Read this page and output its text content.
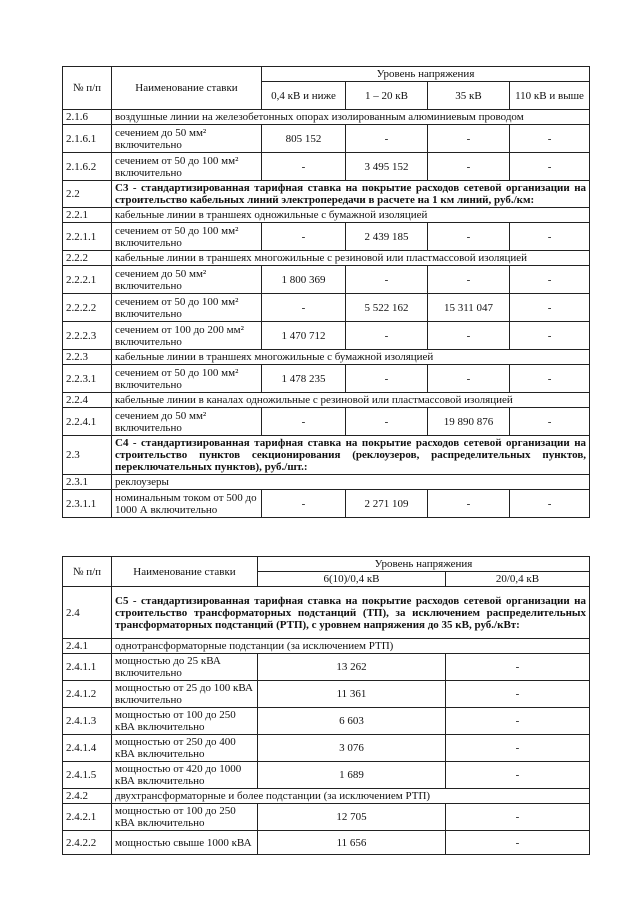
№ п/п	Наименование ставки	Уровень напряжения			
		0,4 кВ и ниже	1 – 20 кВ	35 кВ	110 кВ и выше
2.1.6	воздушные линии на железобетонных опорах изолированным алюминиевым проводом				
2.1.6.1	сечением до 50 мм² включительно	805 152	-	-	-
2.1.6.2	сечением от 50 до 100 мм² включительно	-	3 495 152	-	-
2.2	С3 - стандартизированная тарифная ставка на покрытие расходов сетевой организации на строительство кабельных линий электропередачи в расчете на 1 км линий, руб./км:				
2.2.1	кабельные линии в траншеях одножильные с бумажной изоляцией				
2.2.1.1	сечением от 50 до 100 мм² включительно	-	2 439 185	-	-
2.2.2	кабельные линии в траншеях многожильные с резиновой или пластмассовой изоляцией				
2.2.2.1	сечением до 50 мм² включительно	1 800 369	-	-	-
2.2.2.2	сечением от 50 до 100 мм² включительно	-	5 522 162	15 311 047	-
2.2.2.3	сечением от 100 до 200 мм² включительно	1 470 712	-	-	-
2.2.3	кабельные линии в траншеях многожильные с бумажной изоляцией				
2.2.3.1	сечением от 50 до 100 мм² включительно	1 478 235	-	-	-
2.2.4	кабельные линии в каналах одножильные с резиновой или пластмассовой изоляцией				
2.2.4.1	сечением до 50 мм² включительно	-	-	19 890 876	-
2.3	С4 - стандартизированная тарифная ставка на покрытие расходов сетевой организации на строительство пунктов секционирования (реклоузеров, распределительных пунктов, переключательных пунктов), руб./шт.:				
2.3.1	реклоузеры				
2.3.1.1	номинальным током от 500 до 1000 А включительно	-	2 271 109	-	-
№ п/п	Наименование ставки	Уровень напряжения	
		6(10)/0,4 кВ	20/0,4 кВ
2.4	С5 - стандартизированная тарифная ставка на покрытие расходов сетевой организации на строительство трансформаторных подстанций (ТП), за исключением распределительных трансформаторных подстанций (РТП), с уровнем напряжения до 35 кВ, руб./кВт:		
2.4.1	однотрансформаторные подстанции (за исключением РТП)		
2.4.1.1	мощностью до 25 кВА включительно	13 262	-
2.4.1.2	мощностью от 25 до 100 кВА включительно	11 361	-
2.4.1.3	мощностью от 100 до 250 кВА включительно	6 603	-
2.4.1.4	мощностью от 250 до 400 кВА включительно	3 076	-
2.4.1.5	мощностью от 420 до 1000 кВА включительно	1 689	-
2.4.2	двухтрансформаторные и более подстанции (за исключением РТП)		
2.4.2.1	мощностью от 100 до 250 кВА включительно	12 705	-
2.4.2.2	мощностью свыше 1000 кВА	11 656	-
